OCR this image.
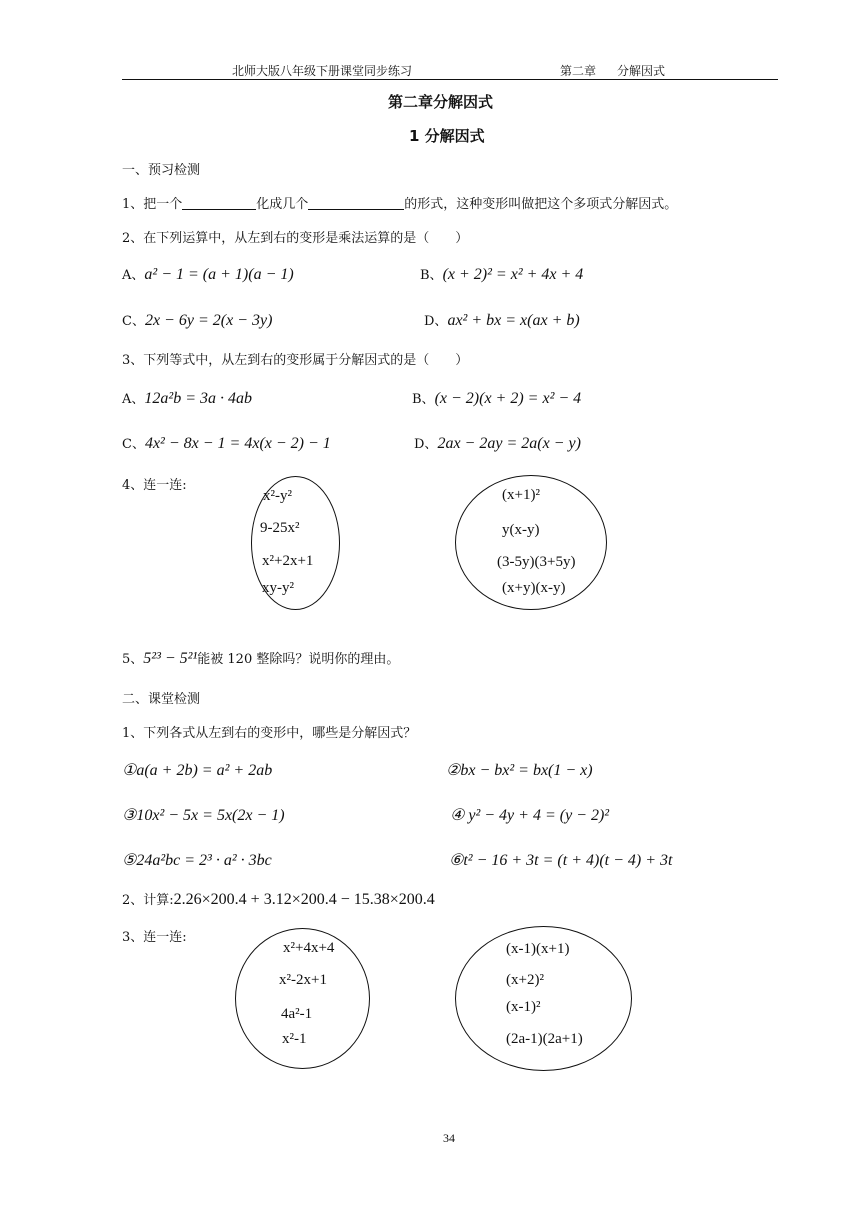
北师大版八年级下册课堂同步练习	第二章 分解因式
第二章分解因式
1 分解因式
一、预习检测
1、把一个	化成几个	的形式，这种变形叫做把这个多项式分解因式。
2、在下列运算中，从左到右的变形是乘法运算的是（　　）
A、a² − 1 = (a + 1)(a − 1)	B、(x + 2)² = x² + 4x + 4
C、2x − 6y = 2(x − 3y)	D、ax² + bx = x(ax + b)
3、下列等式中，从左到右的变形属于分解因式的是（　　）
A、12a²b = 3a · 4ab	B、(x − 2)(x + 2) = x² − 4
C、4x² − 8x − 1 = 4x(x − 2) − 1	D、2ax − 2ay = 2a(x − y)
4、连一连:
x²-y²
9-25x²
x²+2x+1
xy-y²
(x+1)²
y(x-y)
(3-5y)(3+5y)
(x+y)(x-y)
5、5²³ − 5²¹能被 120 整除吗？说明你的理由。
二、课堂检测
1、下列各式从左到右的变形中，哪些是分解因式？
①a(a + 2b) = a² + 2ab	②bx − bx² = bx(1 − x)
③10x² − 5x = 5x(2x − 1)	④ y² − 4y + 4 = (y − 2)²
⑤24a²bc = 2³ · a² · 3bc	⑥t² − 16 + 3t = (t + 4)(t − 4) + 3t
2、计算:2.26×200.4 + 3.12×200.4 − 15.38×200.4
3、连一连:
x²+4x+4
x²-2x+1
4a²-1
x²-1
(x-1)(x+1)
(x+2)²
(x-1)²
(2a-1)(2a+1)
34
